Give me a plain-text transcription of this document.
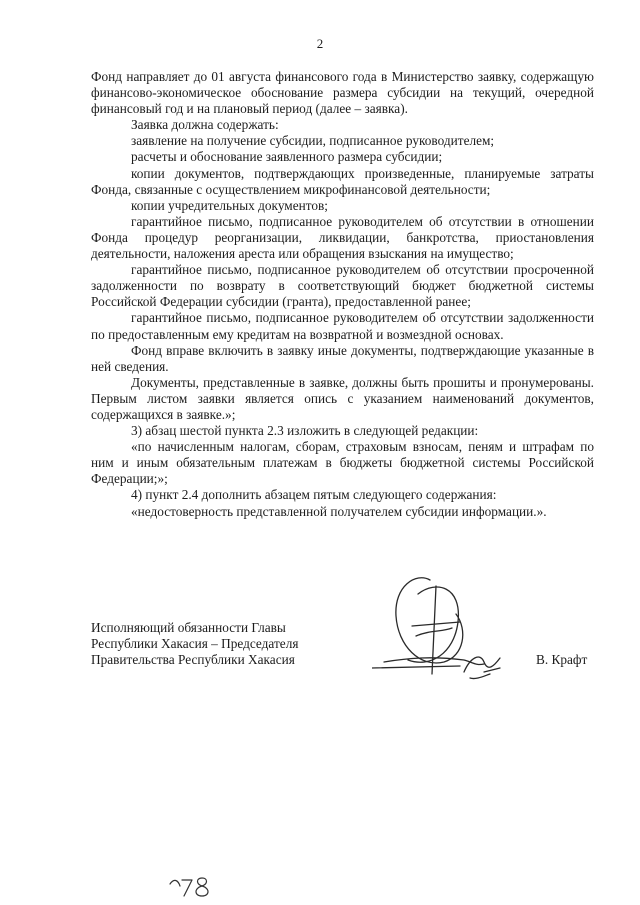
2

Фонд направляет до 01 августа финансового года в Министерство заявку, содержащую финансово-экономическое обоснование размера субсидии на текущий, очередной финансовый год и на плановый период (далее – заявка).

Заявка должна содержать:

заявление на получение субсидии, подписанное руководителем;

расчеты и обоснование заявленного размера субсидии;

копии документов, подтверждающих произведенные, планируемые затраты Фонда, связанные с осуществлением микрофинансовой деятельности;

копии учредительных документов;

гарантийное письмо, подписанное руководителем об отсутствии в отношении Фонда процедур реорганизации, ликвидации, банкротства, приостановления деятельности, наложения ареста или обращения взыскания на имущество;

гарантийное письмо, подписанное руководителем об отсутствии просроченной задолженности по возврату в соответствующий бюджет бюджетной системы Российской Федерации субсидии (гранта), предоставленной ранее;

гарантийное письмо, подписанное руководителем об отсутствии задолженности по предоставленным ему кредитам на возвратной и возмездной основах.

Фонд вправе включить в заявку иные документы, подтверждающие указанные в ней сведения.

Документы, представленные в заявке, должны быть прошиты и пронумерованы. Первым листом заявки является опись с указанием наименований документов, содержащихся в заявке.»;

3) абзац шестой пункта 2.3 изложить в следующей редакции:

«по начисленным налогам, сборам, страховым взносам, пеням и штрафам по ним и иным обязательным платежам в бюджеты бюджетной системы Российской Федерации;»;

4) пункт 2.4 дополнить абзацем пятым следующего содержания:

«недостоверность представленной получателем субсидии информации.».

Исполняющий обязанности Главы
Республики Хакасия – Председателя
Правительства Республики Хакасия	В. Крафт
